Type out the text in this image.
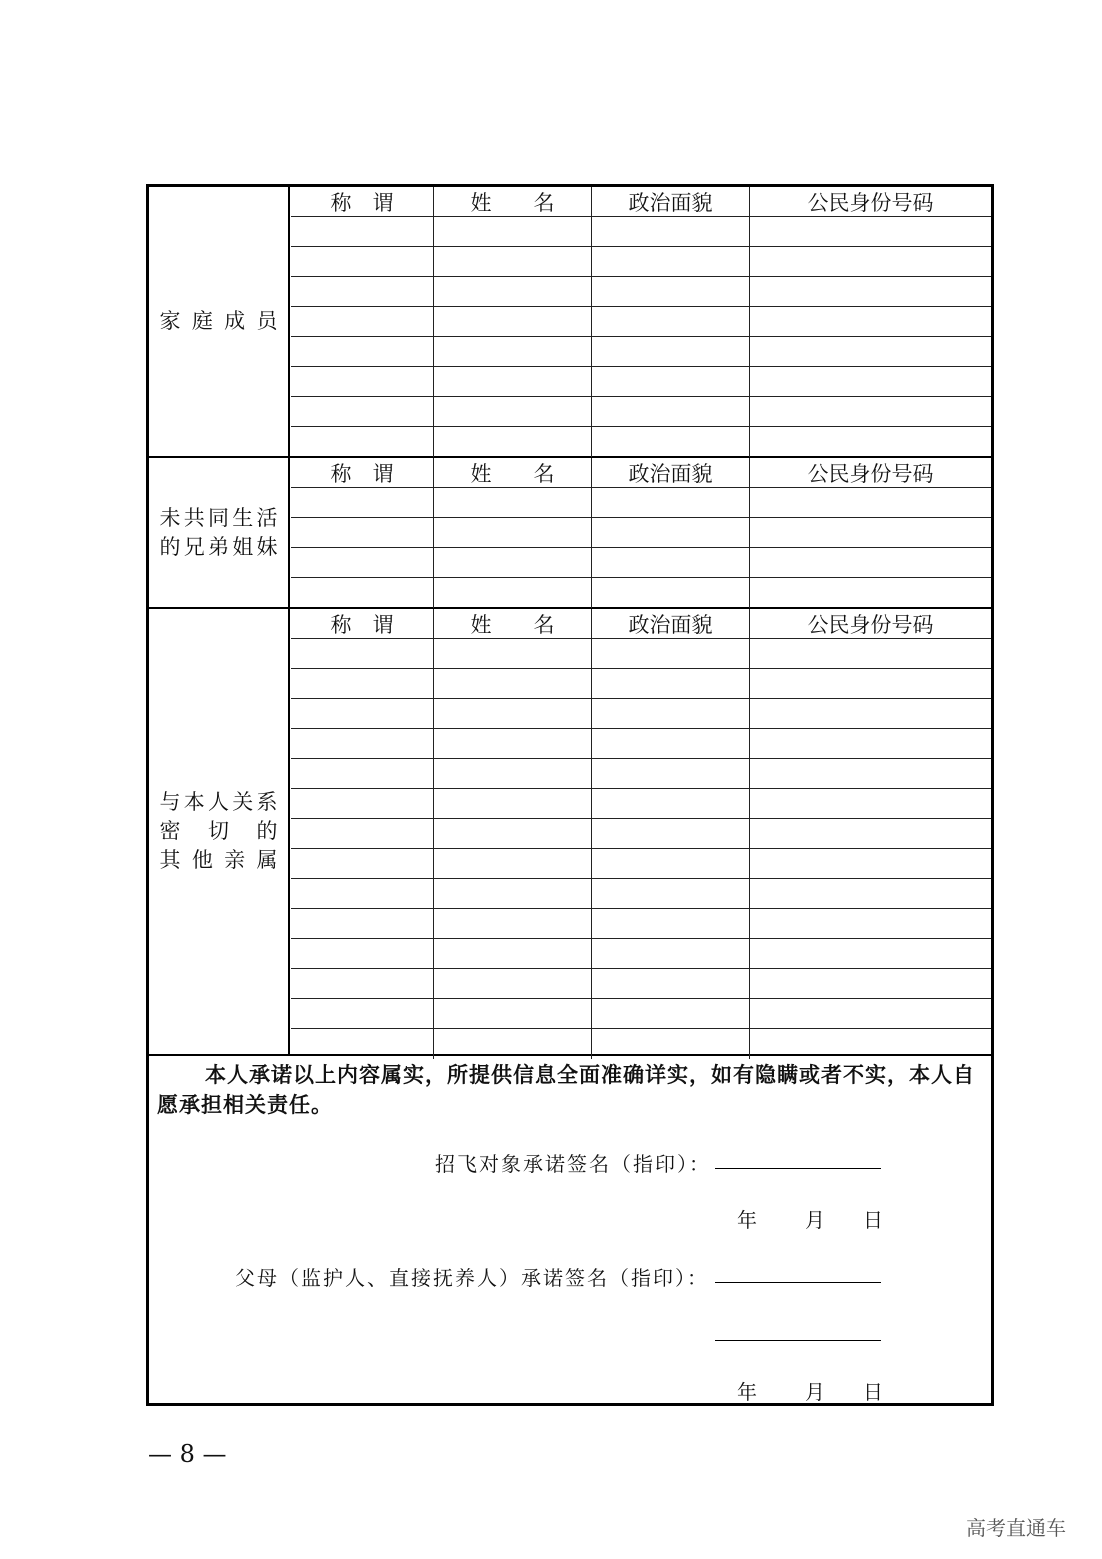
家 庭 成 员
称　谓	姓　　名	政治面貌	公民身份号码
未共同生活
的兄弟姐妹
称　谓	姓　　名	政治面貌	公民身份号码
与本人关系
密　切　的
其 他 亲 属
称　谓	姓　　名	政治面貌	公民身份号码
本人承诺以上内容属实，所提供信息全面准确详实，如有隐瞒或者不实，本人自愿承担相关责任。
招飞对象承诺签名（指印）：
年 月 日
父母（监护人、直接抚养人）承诺签名（指印）：
年 月 日
— 8 —
高考直通车
